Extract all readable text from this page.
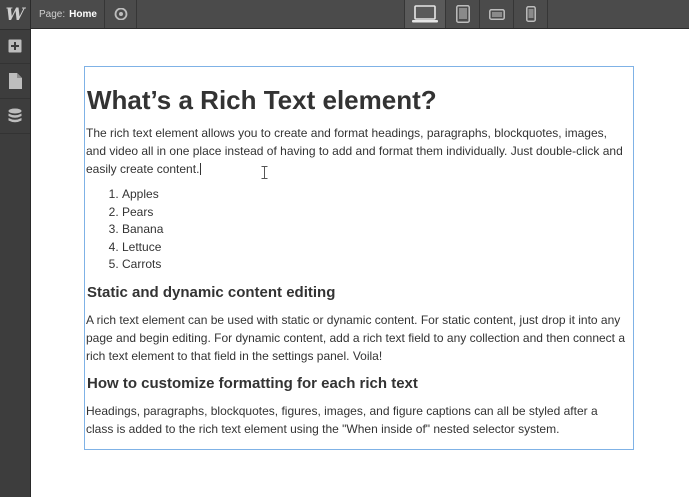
W Page: Home
What’s a Rich Text element?

The rich text element allows you to create and format headings, paragraphs, blockquotes, images, and video all in one place instead of having to add and format them individually. Just double-click and easily create content.

1. Apples
2. Pears
3. Banana
4. Lettuce
5. Carrots
Static and dynamic content editing

A rich text element can be used with static or dynamic content. For static content, just drop it into any page and begin editing. For dynamic content, add a rich text field to any collection and then connect a rich text element to that field in the settings panel. Voila!

How to customize formatting for each rich text

Headings, paragraphs, blockquotes, figures, images, and figure captions can all be styled after a class is added to the rich text element using the "When inside of" nested selector system.
